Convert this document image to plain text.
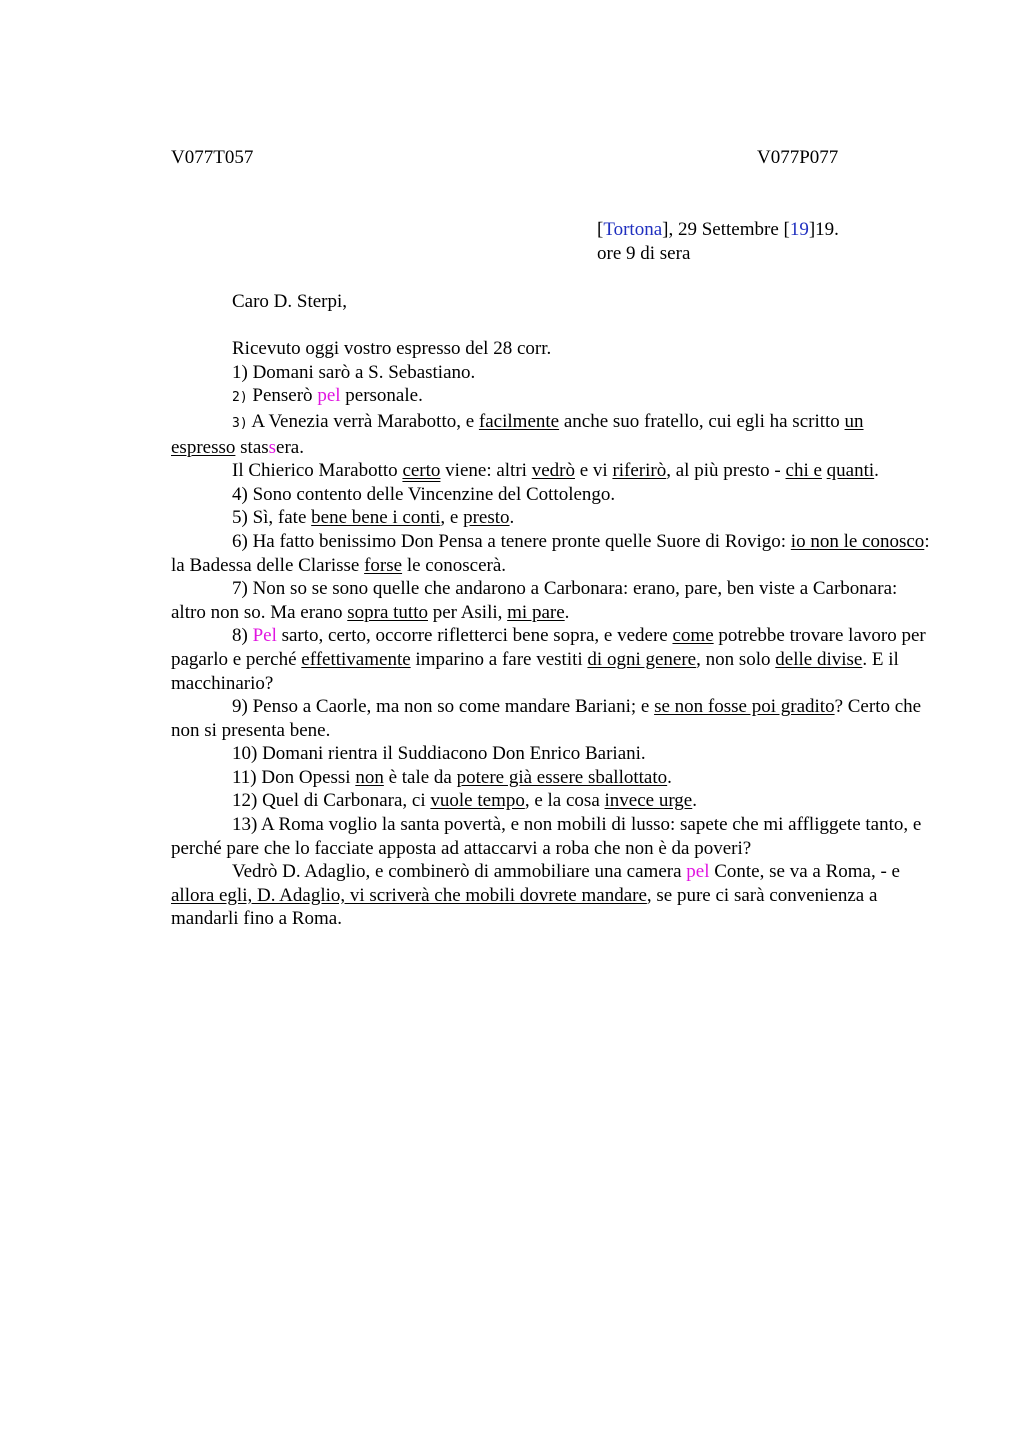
V077T057	V077P077
[Tortona], 29 Settembre [19]19.
ore 9 di sera

Caro D. Sterpi,

Ricevuto oggi vostro espresso del 28 corr.

1) Domani sarò a S. Sebastiano.

2) Penserò pel personale.

3) A Venezia verrà Marabotto, e facilmente anche suo fratello, cui egli ha scritto un espresso stassera.

Il Chierico Marabotto certo viene: altri vedrò e vi riferirò, al più presto - chi e quanti.

4) Sono contento delle Vincenzine del Cottolengo.

5) Sì, fate bene bene i conti, e presto.

6) Ha fatto benissimo Don Pensa a tenere pronte quelle Suore di Rovigo: io non le conosco: la Badessa delle Clarisse forse le conoscerà.

7) Non so se sono quelle che andarono a Carbonara: erano, pare, ben viste a Carbonara: altro non so. Ma erano sopra tutto per Asili, mi pare.

8) Pel sarto, certo, occorre rifletterci bene sopra, e vedere come potrebbe trovare lavoro per pagarlo e perché effettivamente imparino a fare vestiti di ogni genere, non solo delle divise. E il macchinario?

9) Penso a Caorle, ma non so come mandare Bariani; e se non fosse poi gradito? Certo che non si presenta bene.

10) Domani rientra il Suddiacono Don Enrico Bariani.

11) Don Opessi non è tale da potere già essere sballottato.

12) Quel di Carbonara, ci vuole tempo, e la cosa invece urge.

13) A Roma voglio la santa povertà, e non mobili di lusso: sapete che mi affliggete tanto, e perché pare che lo facciate apposta ad attaccarvi a roba che non è da poveri?

Vedrò D. Adaglio, e combinerò di ammobiliare una camera pel Conte, se va a Roma, - e allora egli, D. Adaglio, vi scriverà che mobili dovrete mandare, se pure ci sarà convenienza a mandarli fino a Roma.
